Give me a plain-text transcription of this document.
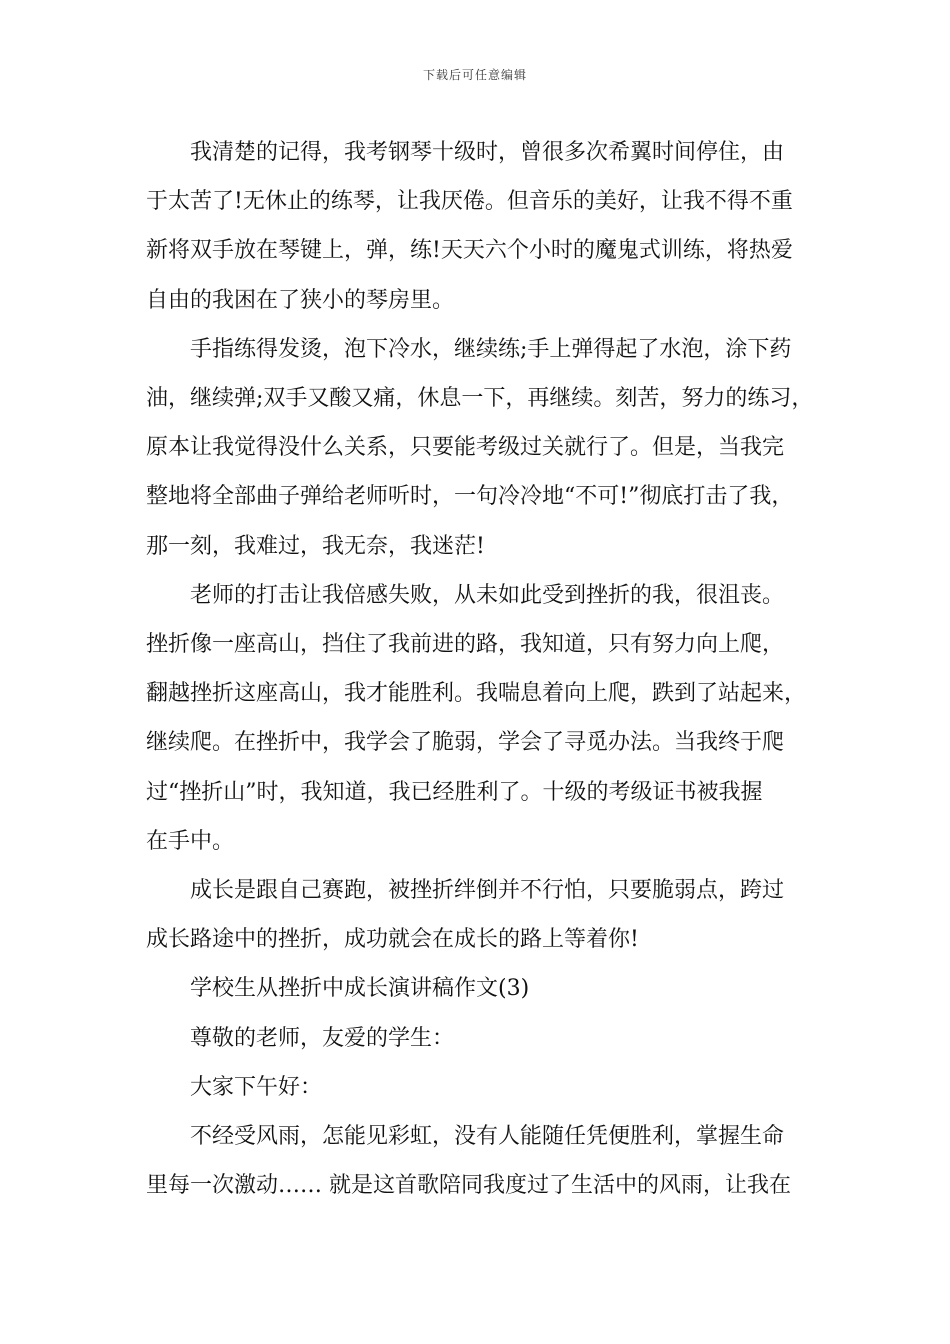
下载后可任意编辑

我清楚的记得，我考钢琴十级时，曾很多次希翼时间停住，由
于太苦了!无休止的练琴，让我厌倦。但音乐的美好，让我不得不重
新将双手放在琴键上，弹，练!天天六个小时的魔鬼式训练，将热爱
自由的我困在了狭小的琴房里。

手指练得发烫，泡下冷水，继续练;手上弹得起了水泡，涂下药
油，继续弹;双手又酸又痛，休息一下，再继续。刻苦，努力的练习，
原本让我觉得没什么关系，只要能考级过关就行了。但是，当我完
整地将全部曲子弹给老师听时，一句冷冷地“不可!”彻底打击了我，
那一刻，我难过，我无奈，我迷茫!

老师的打击让我倍感失败，从未如此受到挫折的我，很沮丧。
挫折像一座高山，挡住了我前进的路，我知道，只有努力向上爬，
翻越挫折这座高山，我才能胜利。我喘息着向上爬，跌到了站起来，
继续爬。在挫折中，我学会了脆弱，学会了寻觅办法。当我终于爬
过“挫折山”时，我知道，我已经胜利了。十级的考级证书被我握
在手中。

成长是跟自己赛跑，被挫折绊倒并不行怕，只要脆弱点，跨过
成长路途中的挫折，成功就会在成长的路上等着你!

学校生从挫折中成长演讲稿作文(3)

尊敬的老师，友爱的学生：

大家下午好：

不经受风雨，怎能见彩虹，没有人能随任凭便胜利，掌握生命
里每一次激动…… 就是这首歌陪同我度过了生活中的风雨，让我在
